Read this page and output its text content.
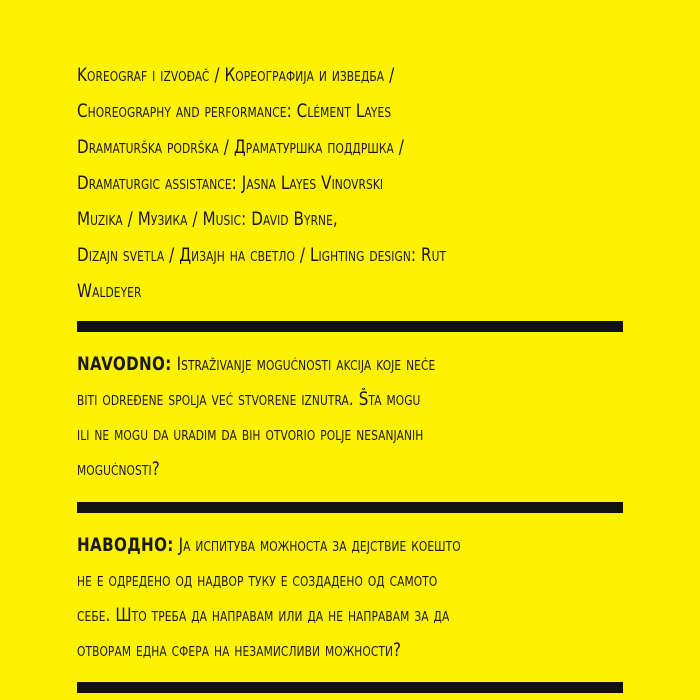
Koreograf i izvođač / Кореографија и изведба /
Choreography and performance: Clément Layes
Dramaturška podrška / Драматуршка поддршка /
Dramaturgic assistance: Jasna Layes Vinovrski
Muzika / Музика / Music: David Byrne,
Dizajn svetla / Дизајн на светло / Lighting design: Rut
Waldeyer
NAVODNO: Istraživanje mogućnosti akcija koje neće
biti određene spolja već stvorene iznutra. Šta mogu
ili ne mogu da uradim da bih otvorio polje nesanjanih
mogućnosti?
НАВОДНО: Ја испитува можноста за дејствие коешто
не е одредено од надвор туку е создадено од самото
себе. Што треба да направам или да не направам за да
отворам една сфера на незамисливи можности?
